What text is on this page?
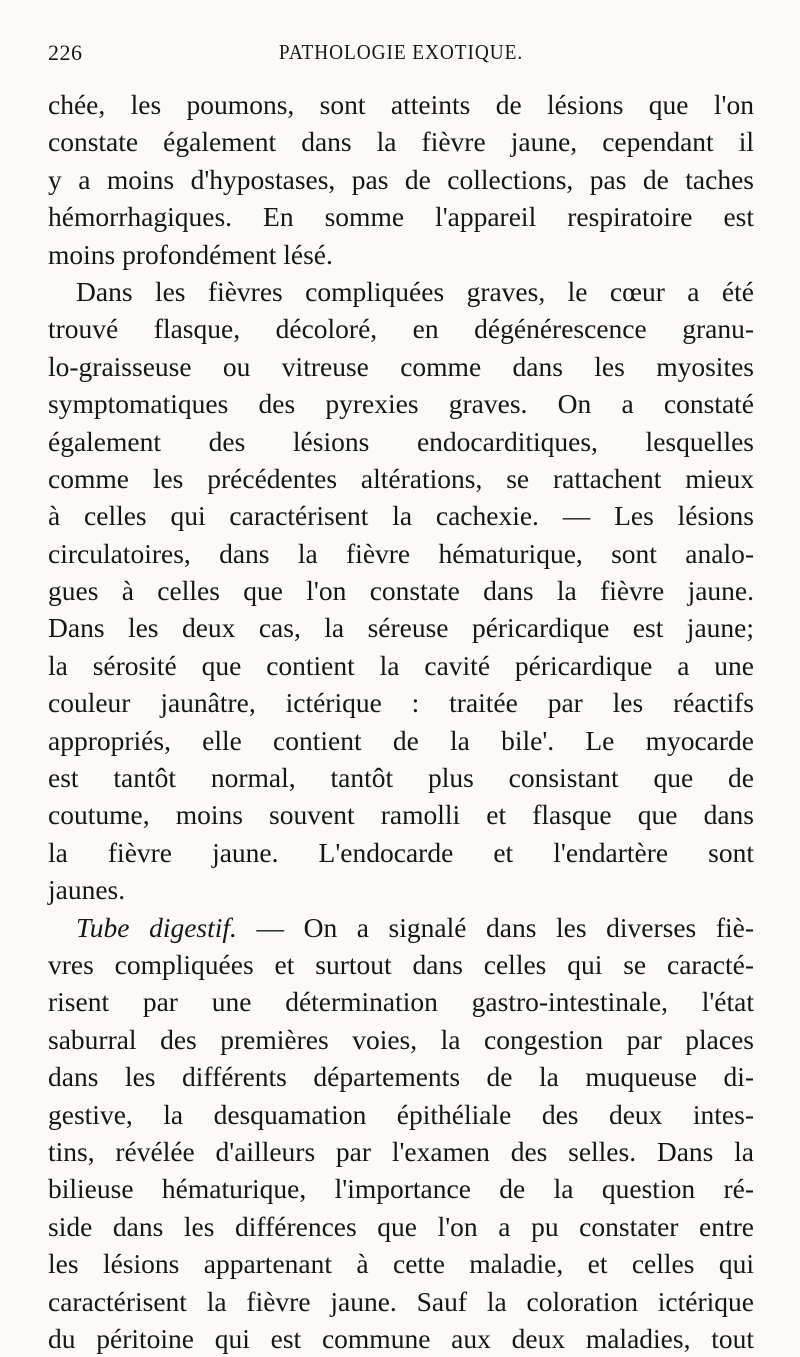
226	PATHOLOGIE EXOTIQUE.

chée, les poumons, sont atteints de lésions que l'on
constate également dans la fièvre jaune, cependant il
y a moins d'hypostases, pas de collections, pas de taches
hémorrhagiques. En somme l'appareil respiratoire est
moins profondément lésé.

Dans les fièvres compliquées graves, le cœur a été
trouvé flasque, décoloré, en dégénérescence granu-
lo-graisseuse ou vitreuse comme dans les myosites
symptomatiques des pyrexies graves. On a constaté
également des lésions endocarditiques, lesquelles
comme les précédentes altérations, se rattachent mieux
à celles qui caractérisent la cachexie. — Les lésions
circulatoires, dans la fièvre hématurique, sont analo-
gues à celles que l'on constate dans la fièvre jaune.
Dans les deux cas, la séreuse péricardique est jaune;
la sérosité que contient la cavité péricardique a une
couleur jaunâtre, ictérique : traitée par les réactifs
appropriés, elle contient de la bile'. Le myocarde
est tantôt normal, tantôt plus consistant que de
coutume, moins souvent ramolli et flasque que dans
la fièvre jaune. L'endocarde et l'endartère sont
jaunes.

Tube digestif. — On a signalé dans les diverses fiè-
vres compliquées et surtout dans celles qui se caracté-
risent par une détermination gastro-intestinale, l'état
saburral des premières voies, la congestion par places
dans les différents départements de la muqueuse di-
gestive, la desquamation épithéliale des deux intes-
tins, révélée d'ailleurs par l'examen des selles. Dans la
bilieuse hématurique, l'importance de la question ré-
side dans les différences que l'on a pu constater entre
les lésions appartenant à cette maladie, et celles qui
caractérisent la fièvre jaune. Sauf la coloration ictérique
du péritoine qui est commune aux deux maladies, tout
